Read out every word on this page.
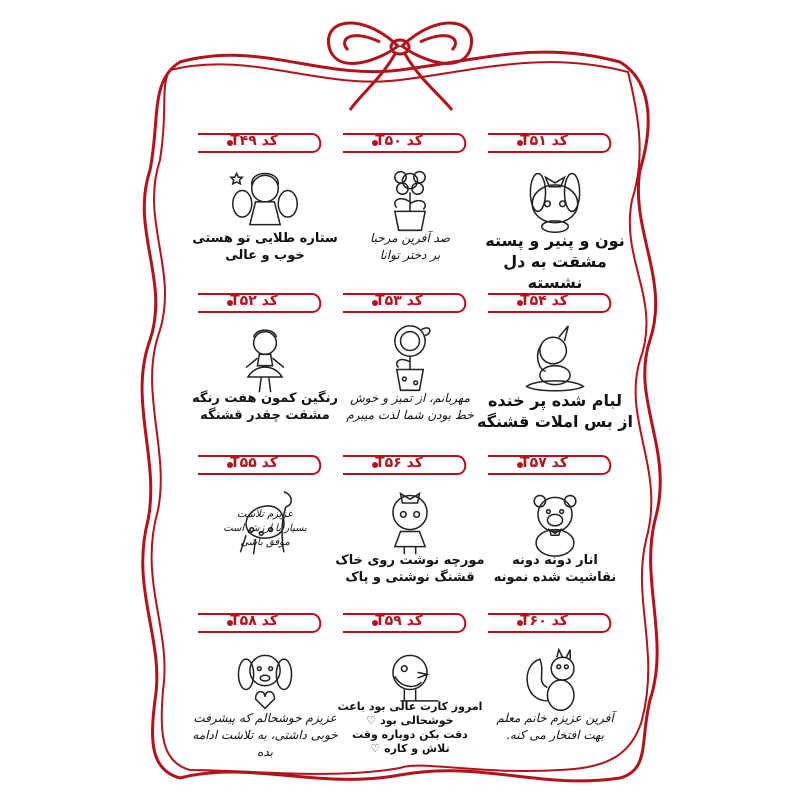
کد T۵۱
نون و پنیر و پسته
مشقت به دل نشسته
کد T۵۰
صد آفرین مرحبا
بر دختر توانا
کد T۴۹
ستاره طلایی تو هستی
خوب و عالی
کد T۵۴
لبام شده پر خنده
از بس املات قشنگه
کد T۵۳
مهربانم، از تمیز و خوش
خط بودن شما لذت میبرم
کد T۵۲
رنگین کمون هفت رنگه
مشقت چقدر قشنگه
کد T۵۷
انار دونه دونه
نقاشیت شده نمونه
کد T۵۶
مورچه نوشت روی خاک
قشنگ نوشتی و پاک
کد T۵۵
عزیزم تلاشت
بسیار با ارزش است
موفق باشی
کد T۶۰
آفرین عزیزم خانم معلم
بهت افتخار می کنه.
کد T۵۹
امروز کارت عالی بود باعث
خوشحالی بود ♡
دقت بکن دوباره وقت
تلاش و کاره ♡
کد T۵۸
عزیزم خوشحالم که پیشرفت
خوبی داشتی، به تلاشت ادامه بده
